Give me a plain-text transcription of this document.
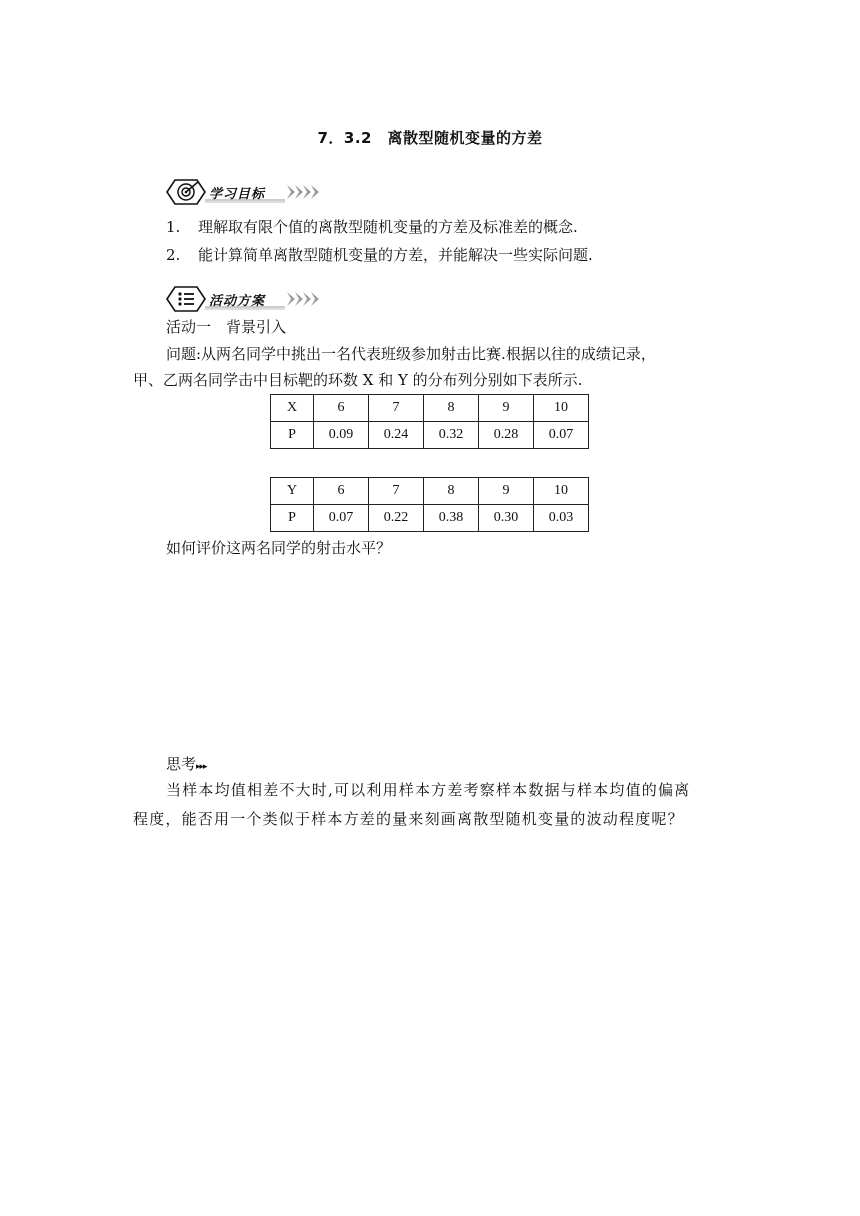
7．3.2　离散型随机变量的方差
学习目标
1. 理解取有限个值的离散型随机变量的方差及标准差的概念.
2. 能计算简单离散型随机变量的方差，并能解决一些实际问题.
活动方案
活动一　背景引入
问题:从两名同学中挑出一名代表班级参加射击比赛.根据以往的成绩记录，
甲、乙两名同学击中目标靶的环数 X 和 Y 的分布列分别如下表所示.
X	6	7	8	9	10
P	0.09	0.24	0.32	0.28	0.07
Y	6	7	8	9	10
P	0.07	0.22	0.38	0.30	0.03
如何评价这两名同学的射击水平？
思考▸▸▸
当样本均值相差不大时,可以利用样本方差考察样本数据与样本均值的偏离
程度，能否用一个类似于样本方差的量来刻画离散型随机变量的波动程度呢？
